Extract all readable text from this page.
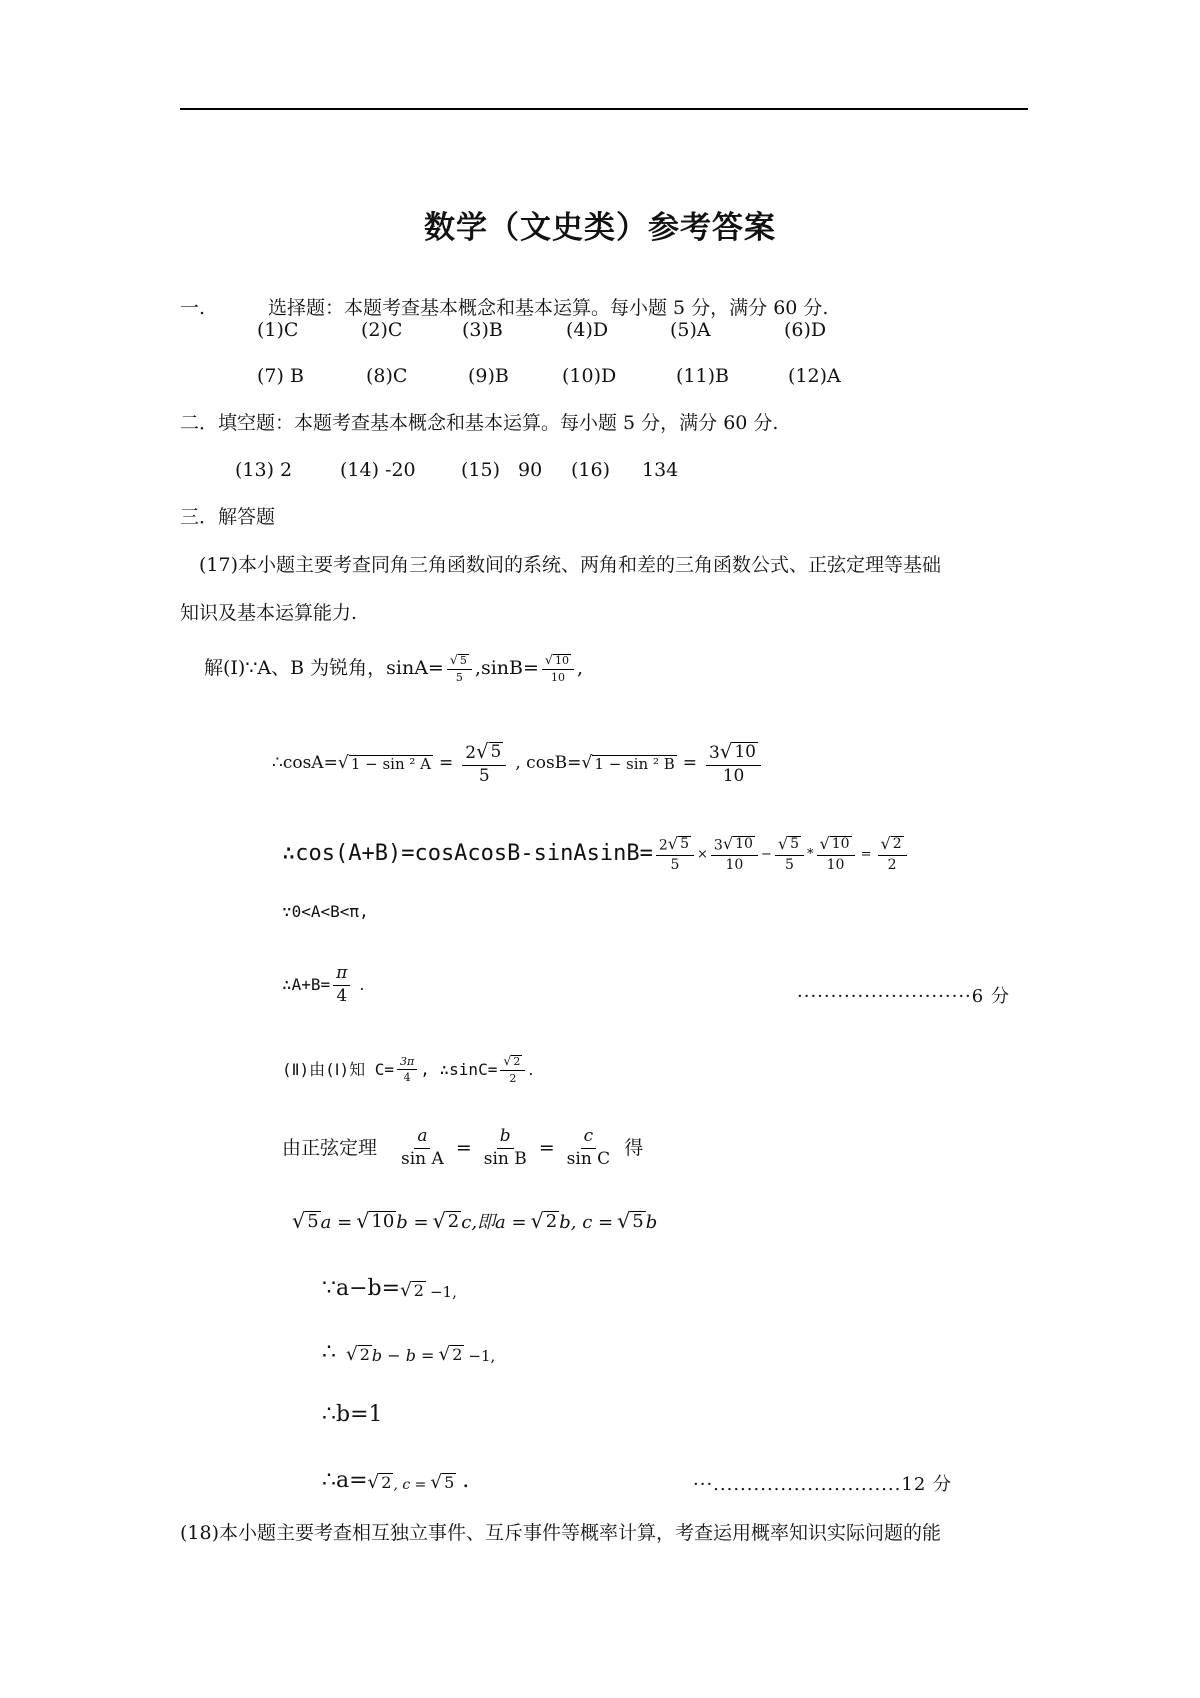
数学（文史类）参考答案
一.	选择题：本题考查基本概念和基本运算。每小题 5 分，满分 60 分.
(1)C	(2)C	(3)B	(4)D	(5)A	(6)D
(7) B	(8)C	(9)B	(10)D	(11)B	(12)A
二．填空题：本题考查基本概念和基本运算。每小题 5 分，满分 60 分.
(13) 2	(14) -20 (15) 90 (16) 134
三．解答题
(17)本小题主要考查同角三角函数间的系统、两角和差的三角函数公式、正弦定理等基础
知识及基本运算能力.
解(Ⅰ)∵A、B 为锐角，$\sin A= \frac{√ 5}{5} ,\sin B= \frac{√ 10}{10}$ ,
∴cosA= √ 1 − sin ² $A = \frac{2 √ 5}{5}$ , cosB= √ 1 − sin ² $B = \frac{3 √ 10}{10}$
∴cos(A+B)=cosAcosB-sinAsinB= $\frac{2 √ 5}{5} \times \frac{3 √ 10}{10} - \frac{√ 5}{5} * \frac{√ 10}{10} = \frac{√ 2}{2}$
∵0<A<B<π,
∴A+B= $\frac{\pi}{4}$ .
··························6 分
(Ⅱ)由(Ⅰ)知 $C= \frac{3\pi}{4}$ , ∴sinC= $\frac{√ 2}{2}$ .
由正弦定理 $\frac{a}{\text{sin A}} = \frac{b}{\text{sin B}} = \frac{c}{\text{sin C}}$ 得
√ 5 a = √ 10 b = √ 2 c,即a = √ 2 b, c = √ 5 b
∵a−b= √ 2 −1,
∴ √ 2 b − b = √ 2 −1,
∴b=1
∴a= √ 2 , c = √ 5 .	···............................12 分
(18)本小题主要考查相互独立事件、互斥事件等概率计算，考查运用概率知识实际问题的能
